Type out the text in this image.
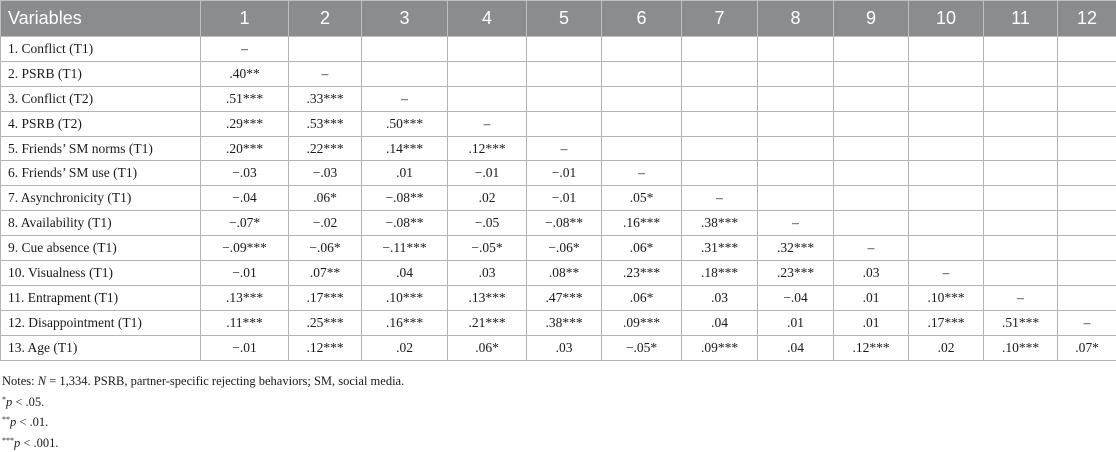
Variables	1	2	3	4	5	6	7	8	9	10	11	12
1. Conflict (T1)	–											
2. PSRB (T1)	.40**	–										
3. Conflict (T2)	.51***	.33***	–									
4. PSRB (T2)	.29***	.53***	.50***	–								
5. Friends’ SM norms (T1)	.20***	.22***	.14***	.12***	–							
6. Friends’ SM use (T1)	−.03	−.03	.01	−.01	−.01	–						
7. Asynchronicity (T1)	−.04	.06*	−.08**	.02	−.01	.05*	–					
8. Availability (T1)	−.07*	−.02	−.08**	−.05	−.08**	.16***	.38***	–				
9. Cue absence (T1)	−.09***	−.06*	−.11***	−.05*	−.06*	.06*	.31***	.32***	–			
10. Visualness (T1)	−.01	.07**	.04	.03	.08**	.23***	.18***	.23***	.03	–		
11. Entrapment (T1)	.13***	.17***	.10***	.13***	.47***	.06*	.03	−.04	.01	.10***	–	
12. Disappointment (T1)	.11***	.25***	.16***	.21***	.38***	.09***	.04	.01	.01	.17***	.51***	–
13. Age (T1)	−.01	.12***	.02	.06*	.03	−.05*	.09***	.04	.12***	.02	.10***	.07*
Notes: N = 1,334. PSRB, partner-specific rejecting behaviors; SM, social media.
*p < .05.
**p < .01.
***p < .001.
